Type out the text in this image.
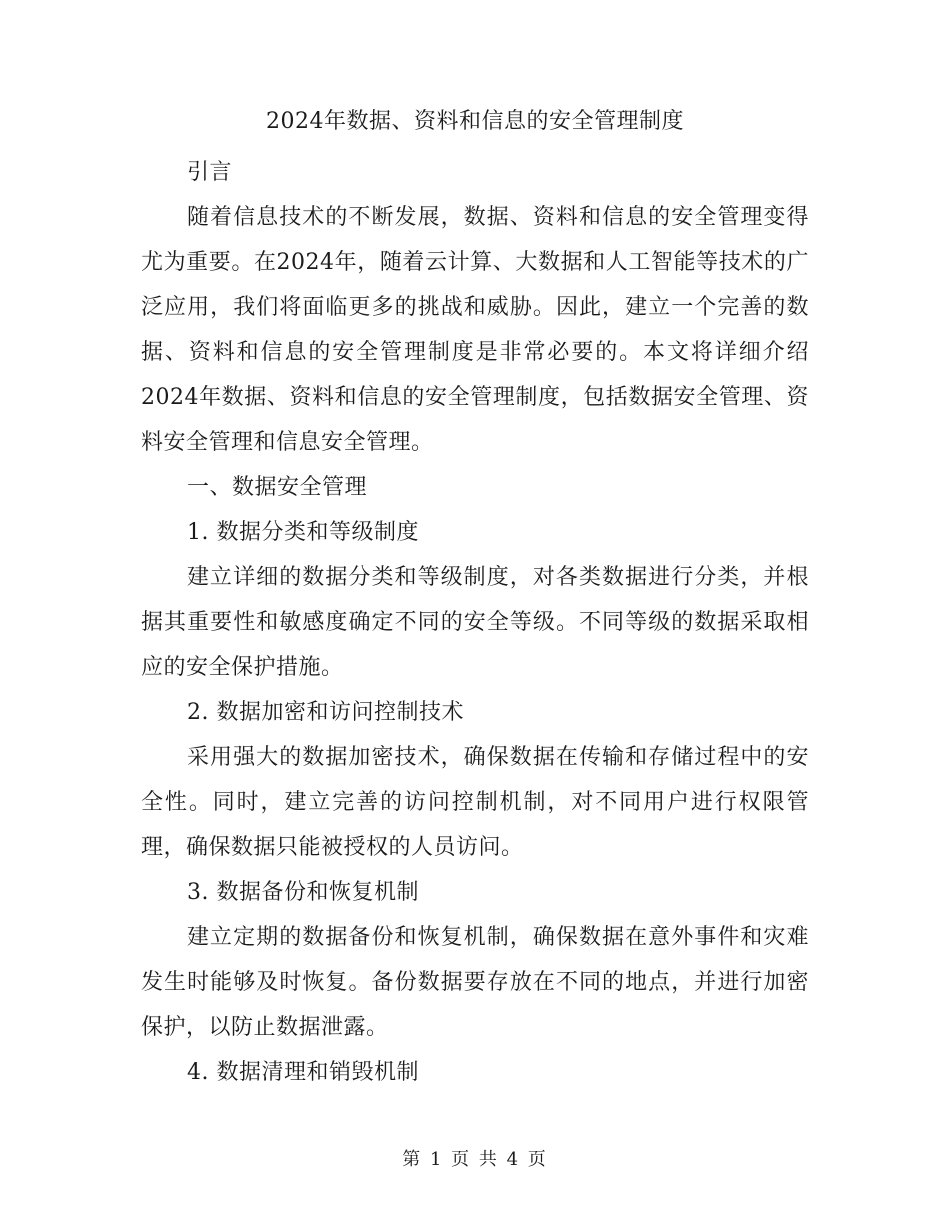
2024年数据、资料和信息的安全管理制度

引言

随着信息技术的不断发展，数据、资料和信息的安全管理变得尤为重要。在2024年，随着云计算、大数据和人工智能等技术的广泛应用，我们将面临更多的挑战和威胁。因此，建立一个完善的数据、资料和信息的安全管理制度是非常必要的。本文将详细介绍2024年数据、资料和信息的安全管理制度，包括数据安全管理、资料安全管理和信息安全管理。

一、数据安全管理

1. 数据分类和等级制度

建立详细的数据分类和等级制度，对各类数据进行分类，并根据其重要性和敏感度确定不同的安全等级。不同等级的数据采取相应的安全保护措施。

2. 数据加密和访问控制技术

采用强大的数据加密技术，确保数据在传输和存储过程中的安全性。同时，建立完善的访问控制机制，对不同用户进行权限管理，确保数据只能被授权的人员访问。

3. 数据备份和恢复机制

建立定期的数据备份和恢复机制，确保数据在意外事件和灾难发生时能够及时恢复。备份数据要存放在不同的地点，并进行加密保护，以防止数据泄露。

4. 数据清理和销毁机制

第 1 页 共 4 页
